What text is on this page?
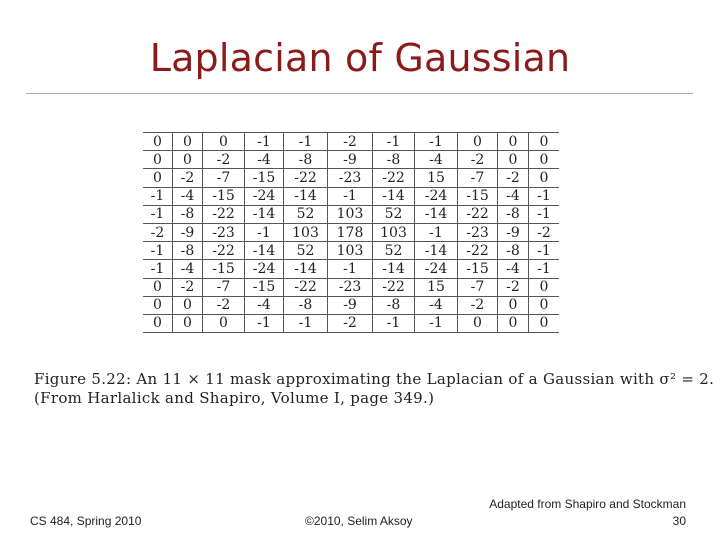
Laplacian of Gaussian
0	0	0	-1	-1	-2	-1	-1	0	0	0
0	0	-2	-4	-8	-9	-8	-4	-2	0	0
0	-2	-7	-15	-22	-23	-22	15	-7	-2	0
-1	-4	-15	-24	-14	-1	-14	-24	-15	-4	-1
-1	-8	-22	-14	52	103	52	-14	-22	-8	-1
-2	-9	-23	-1	103	178	103	-1	-23	-9	-2
-1	-8	-22	-14	52	103	52	-14	-22	-8	-1
-1	-4	-15	-24	-14	-1	-14	-24	-15	-4	-1
0	-2	-7	-15	-22	-23	-22	15	-7	-2	0
0	0	-2	-4	-8	-9	-8	-4	-2	0	0
0	0	0	-1	-1	-2	-1	-1	0	0	0
Figure 5.22: An 11 × 11 mask approximating the Laplacian of a Gaussian with σ² = 2.
(From Harlalick and Shapiro, Volume I, page 349.)
CS 484, Spring 2010	©2010, Selim Aksoy
Adapted from Shapiro and Stockman
30
